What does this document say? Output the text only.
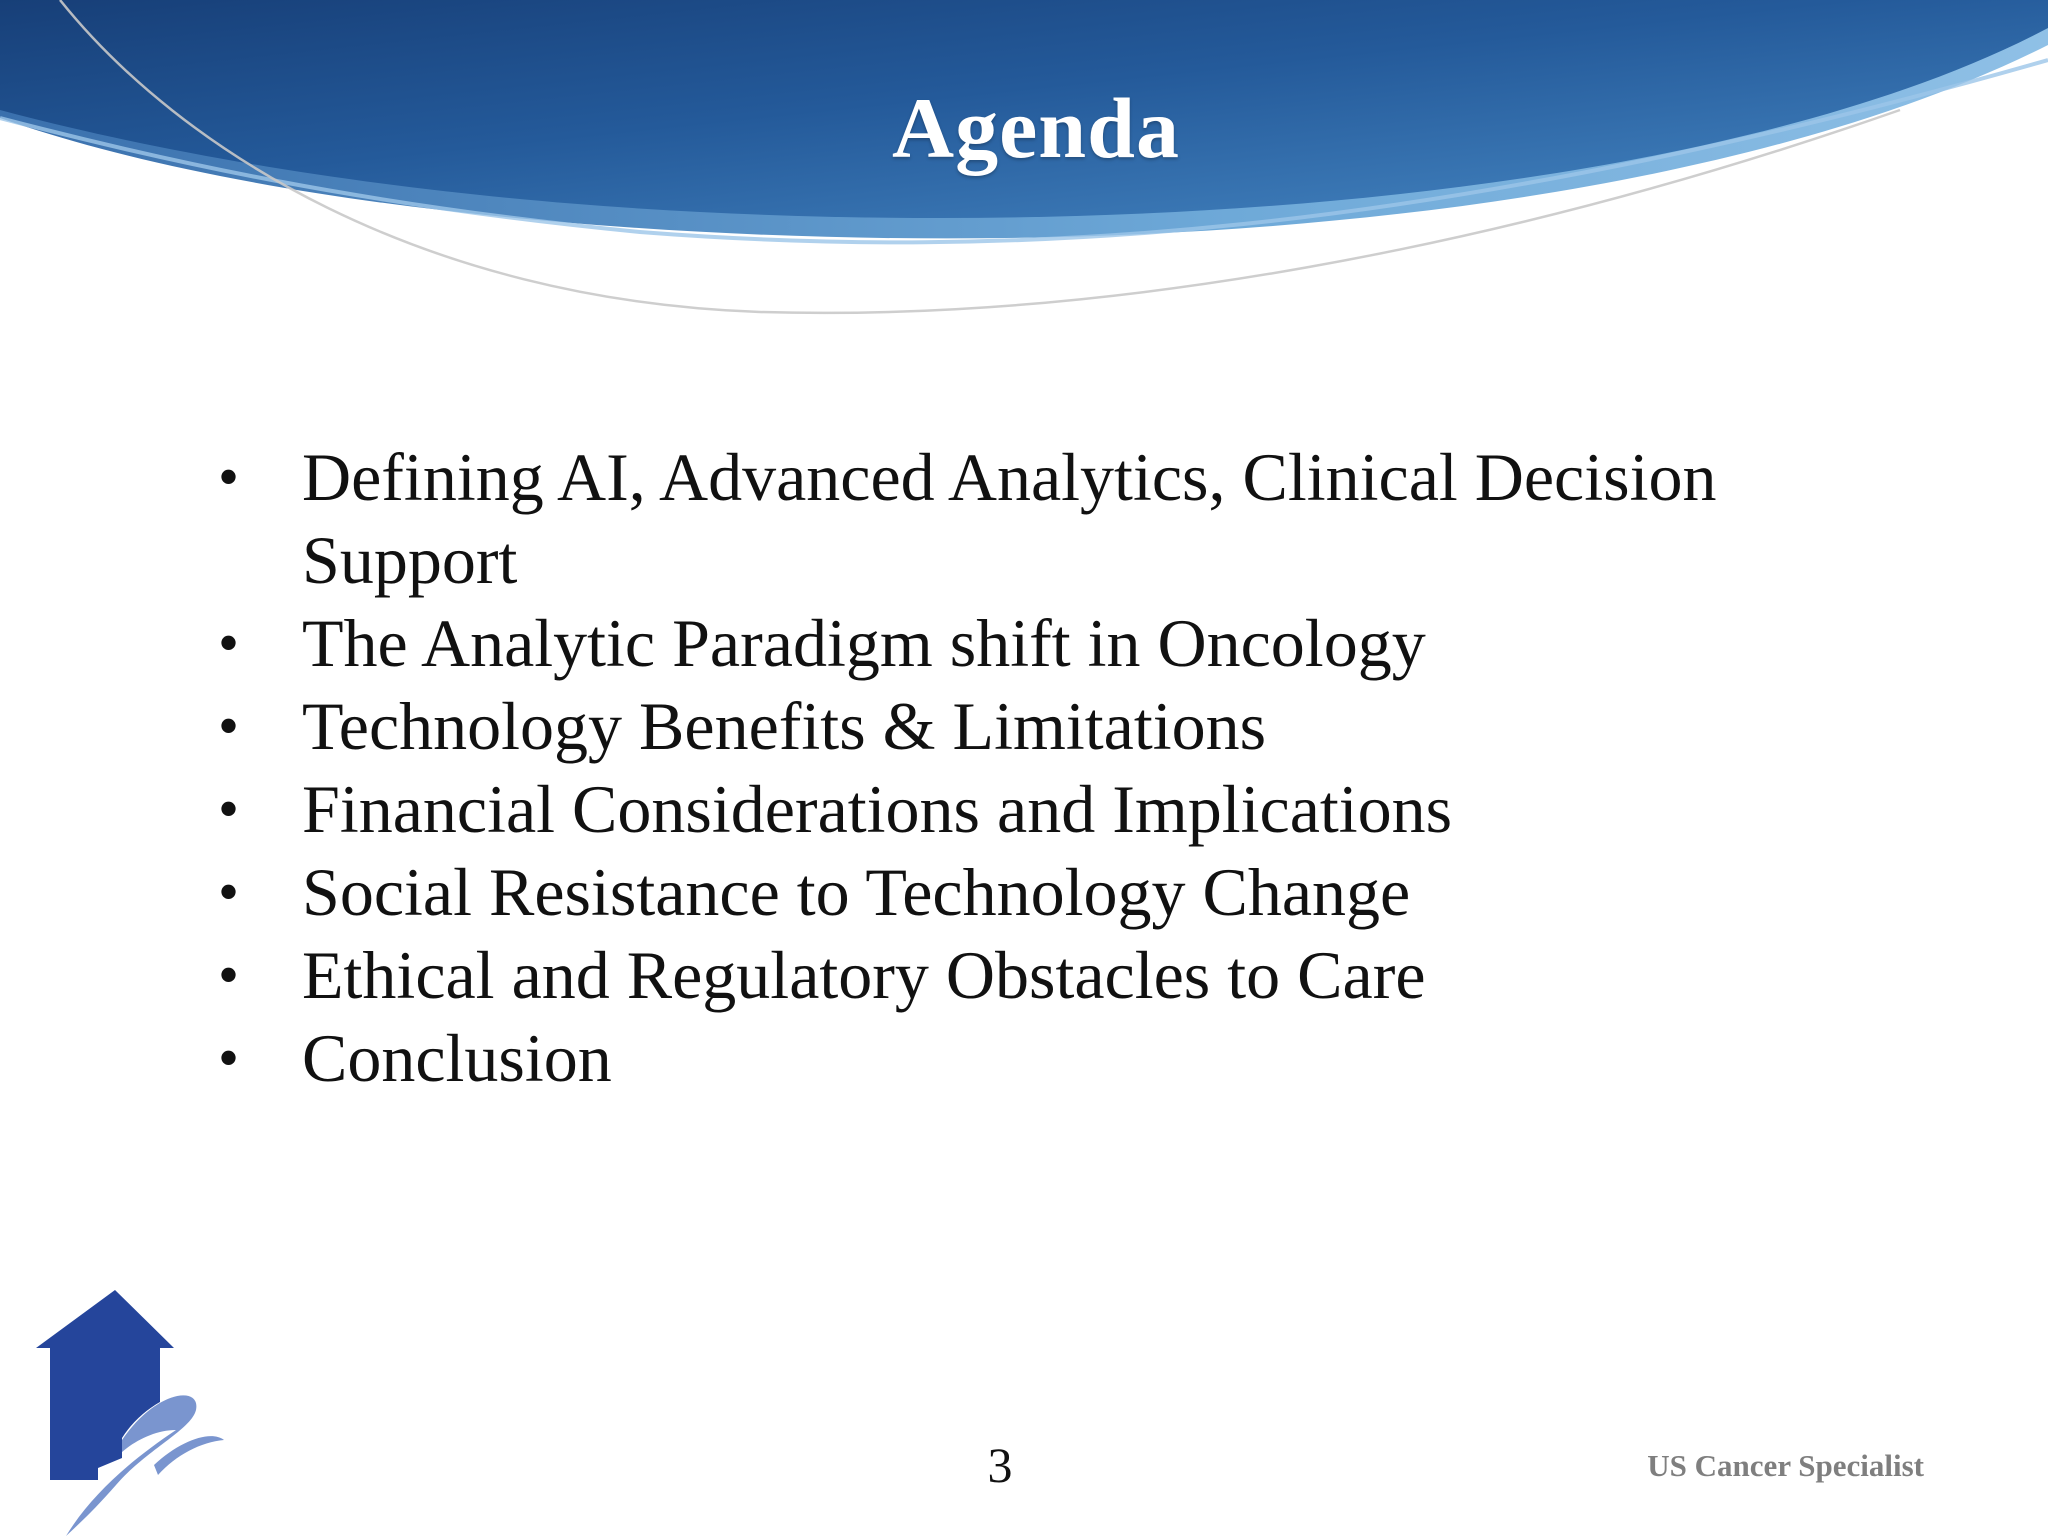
Agenda
• Defining AI, Advanced Analytics, Clinical Decision Support
• The Analytic Paradigm shift in Oncology
• Technology Benefits & Limitations
• Financial Considerations and Implications
• Social Resistance to Technology Change
• Ethical and Regulatory Obstacles to Care
• Conclusion
3	US Cancer Specialist
